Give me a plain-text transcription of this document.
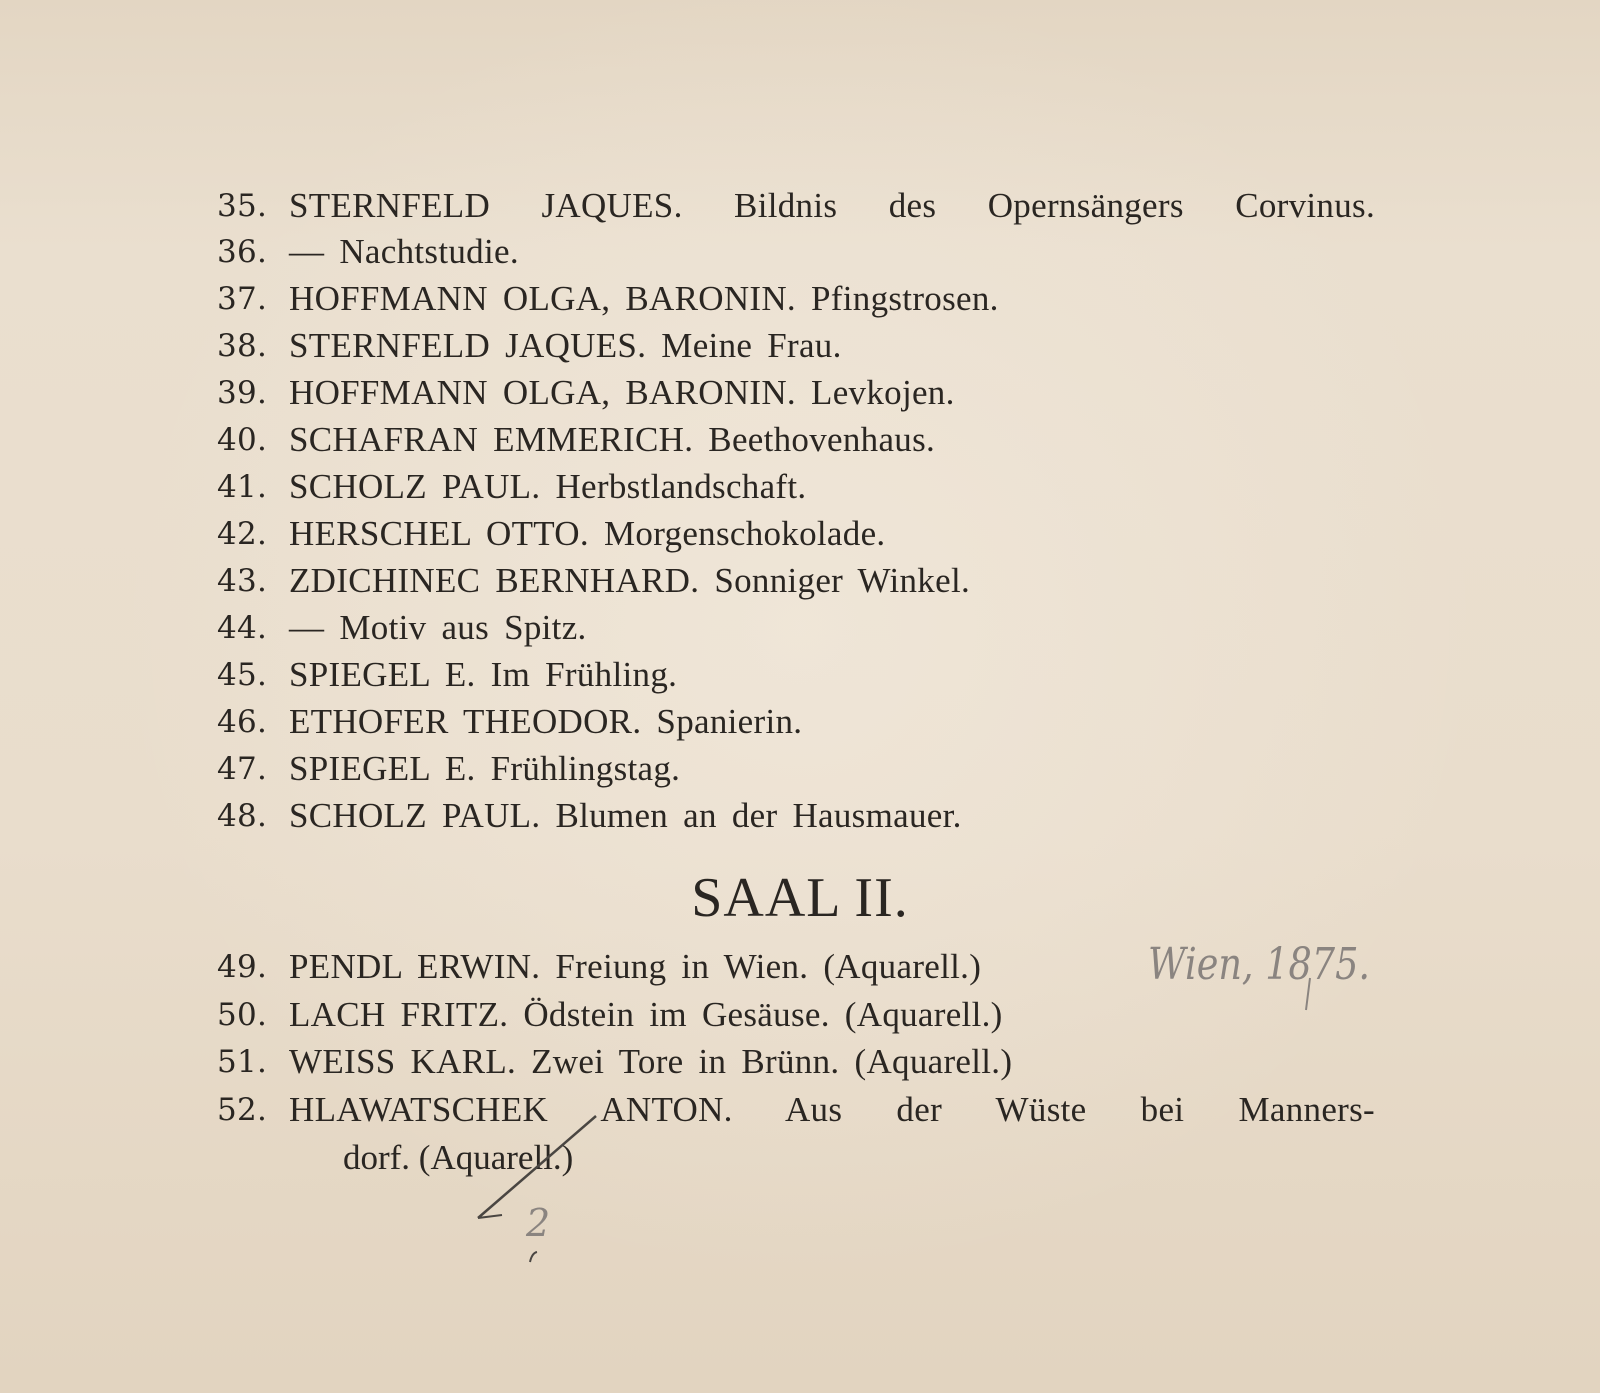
35. STERNFELD JAQUES. Bildnis des Opernsängers Corvinus.
36. — Nachtstudie.
37. HOFFMANN OLGA, BARONIN. Pfingstrosen.
38. STERNFELD JAQUES. Meine Frau.
39. HOFFMANN OLGA, BARONIN. Levkojen.
40. SCHAFRAN EMMERICH. Beethovenhaus.
41. SCHOLZ PAUL. Herbstlandschaft.
42. HERSCHEL OTTO. Morgenschokolade.
43. ZDICHINEC BERNHARD. Sonniger Winkel.
44. — Motiv aus Spitz.
45. SPIEGEL E. Im Frühling.
46. ETHOFER THEODOR. Spanierin.
47. SPIEGEL E. Frühlingstag.
48. SCHOLZ PAUL. Blumen an der Hausmauer.
SAAL II.
49. PENDL ERWIN. Freiung in Wien. (Aquarell.)
50. LACH FRITZ. Ödstein im Gesäuse. (Aquarell.)
51. WEISS KARL. Zwei Tore in Brünn. (Aquarell.)
52. HLAWATSCHEK ANTON. Aus der Wüste bei Manners-
dorf. (Aquarell.)
Wien, 1875.
2
